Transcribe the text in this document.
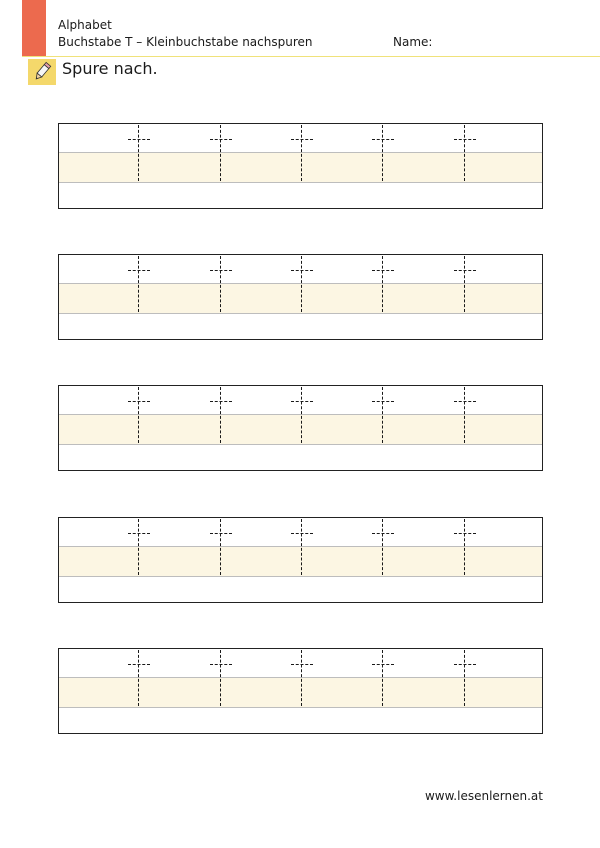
Alphabet
Buchstabe T – Kleinbuchstabe nachspuren	Name:
Spure nach.
www.lesenlernen.at
